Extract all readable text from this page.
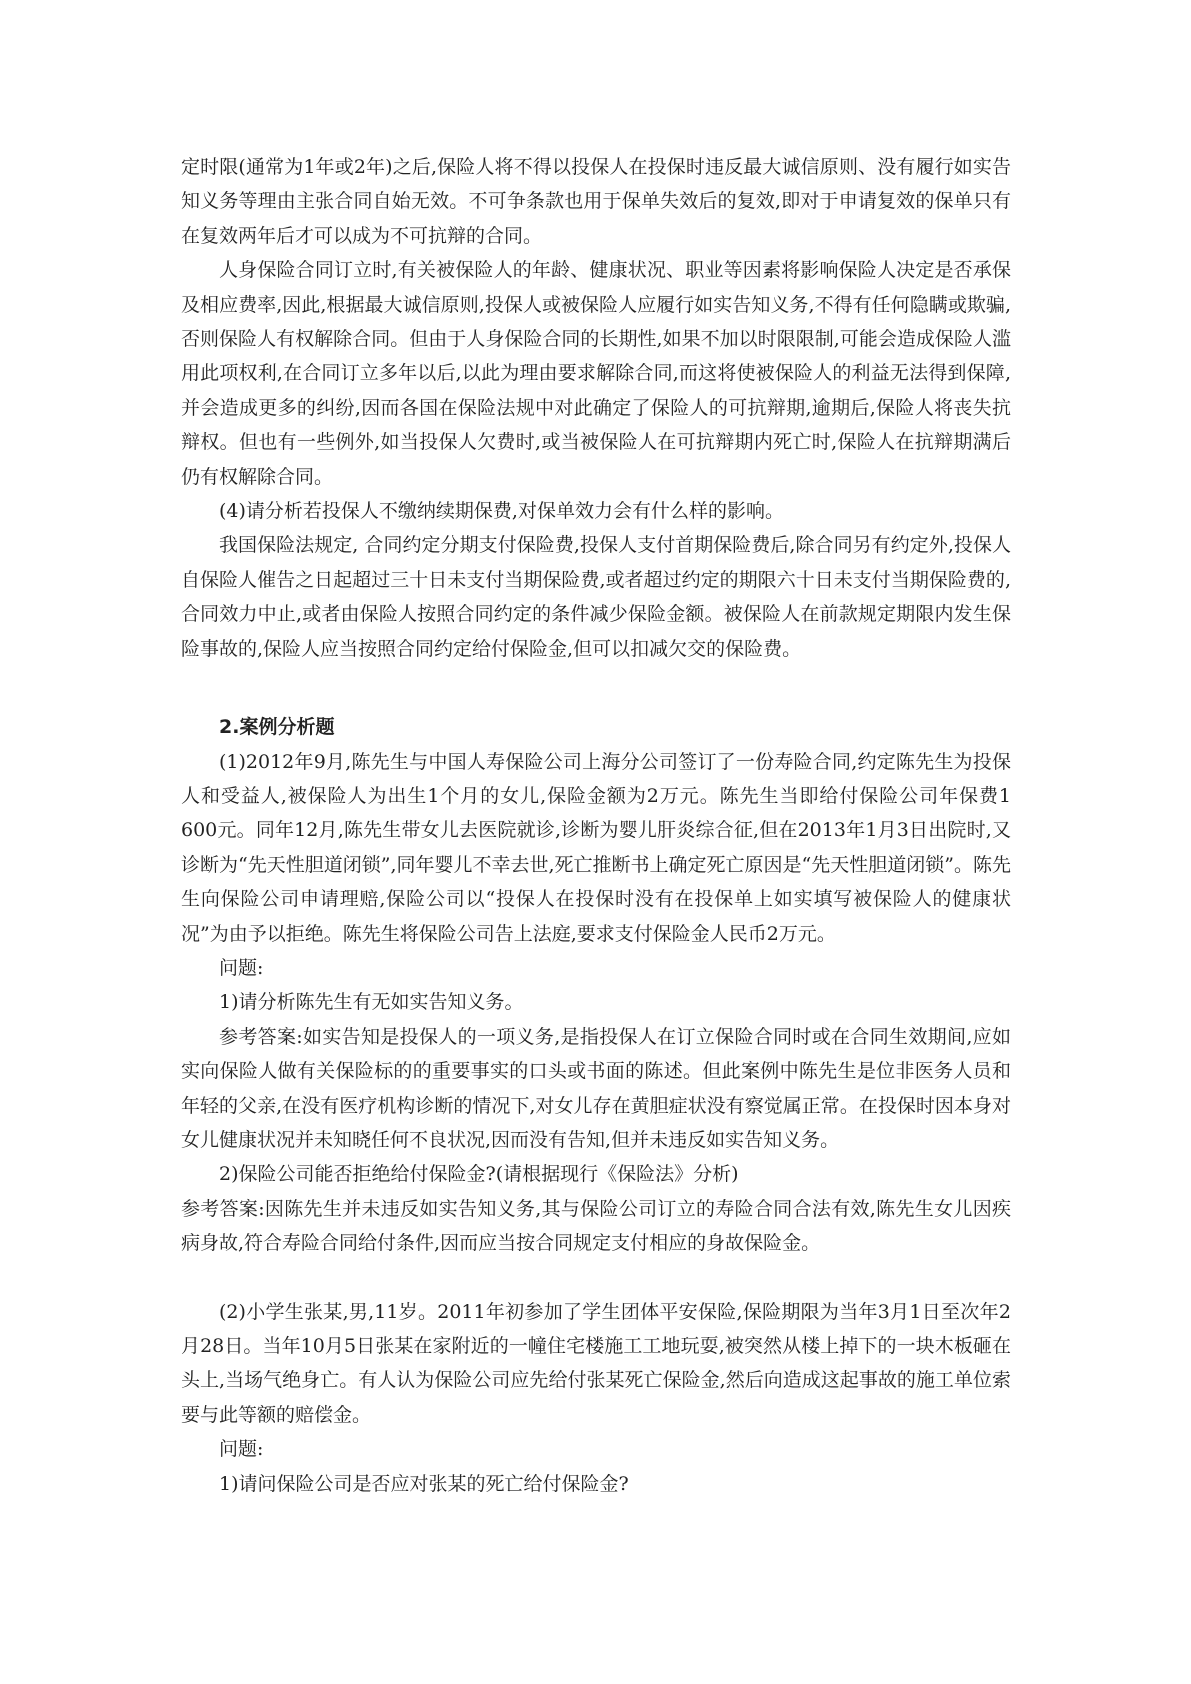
定时限(通常为1年或2年)之后,保险人将不得以投保人在投保时违反最大诚信原则、没有履行如实告知义务等理由主张合同自始无效。不可争条款也用于保单失效后的复效,即对于申请复效的保单只有在复效两年后才可以成为不可抗辩的合同。

人身保险合同订立时,有关被保险人的年龄、健康状况、职业等因素将影响保险人决定是否承保及相应费率,因此,根据最大诚信原则,投保人或被保险人应履行如实告知义务,不得有任何隐瞒或欺骗,否则保险人有权解除合同。但由于人身保险合同的长期性,如果不加以时限限制,可能会造成保险人滥用此项权利,在合同订立多年以后,以此为理由要求解除合同,而这将使被保险人的利益无法得到保障,并会造成更多的纠纷,因而各国在保险法规中对此确定了保险人的可抗辩期,逾期后,保险人将丧失抗辩权。但也有一些例外,如当投保人欠费时,或当被保险人在可抗辩期内死亡时,保险人在抗辩期满后仍有权解除合同。

(4)请分析若投保人不缴纳续期保费,对保单效力会有什么样的影响。

我国保险法规定, 合同约定分期支付保险费,投保人支付首期保险费后,除合同另有约定外,投保人自保险人催告之日起超过三十日未支付当期保险费,或者超过约定的期限六十日未支付当期保险费的,合同效力中止,或者由保险人按照合同约定的条件减少保险金额。被保险人在前款规定期限内发生保险事故的,保险人应当按照合同约定给付保险金,但可以扣减欠交的保险费。

2.案例分析题

(1)2012年9月,陈先生与中国人寿保险公司上海分公司签订了一份寿险合同,约定陈先生为投保人和受益人,被保险人为出生1个月的女儿,保险金额为2万元。陈先生当即给付保险公司年保费1 600元。同年12月,陈先生带女儿去医院就诊,诊断为婴儿肝炎综合征,但在2013年1月3日出院时,又诊断为“先天性胆道闭锁”,同年婴儿不幸去世,死亡推断书上确定死亡原因是“先天性胆道闭锁”。陈先生向保险公司申请理赔,保险公司以“投保人在投保时没有在投保单上如实填写被保险人的健康状况”为由予以拒绝。陈先生将保险公司告上法庭,要求支付保险金人民币2万元。

问题:

1)请分析陈先生有无如实告知义务。

参考答案:如实告知是投保人的一项义务,是指投保人在订立保险合同时或在合同生效期间,应如实向保险人做有关保险标的的重要事实的口头或书面的陈述。但此案例中陈先生是位非医务人员和年轻的父亲,在没有医疗机构诊断的情况下,对女儿存在黄胆症状没有察觉属正常。在投保时因本身对女儿健康状况并未知晓任何不良状况,因而没有告知,但并未违反如实告知义务。

2)保险公司能否拒绝给付保险金?(请根据现行《保险法》分析)

参考答案:因陈先生并未违反如实告知义务,其与保险公司订立的寿险合同合法有效,陈先生女儿因疾病身故,符合寿险合同给付条件,因而应当按合同规定支付相应的身故保险金。

(2)小学生张某,男,11岁。2011年初参加了学生团体平安保险,保险期限为当年3月1日至次年2月28日。当年10月5日张某在家附近的一幢住宅楼施工工地玩耍,被突然从楼上掉下的一块木板砸在头上,当场气绝身亡。有人认为保险公司应先给付张某死亡保险金,然后向造成这起事故的施工单位索要与此等额的赔偿金。

问题:

1)请问保险公司是否应对张某的死亡给付保险金?
